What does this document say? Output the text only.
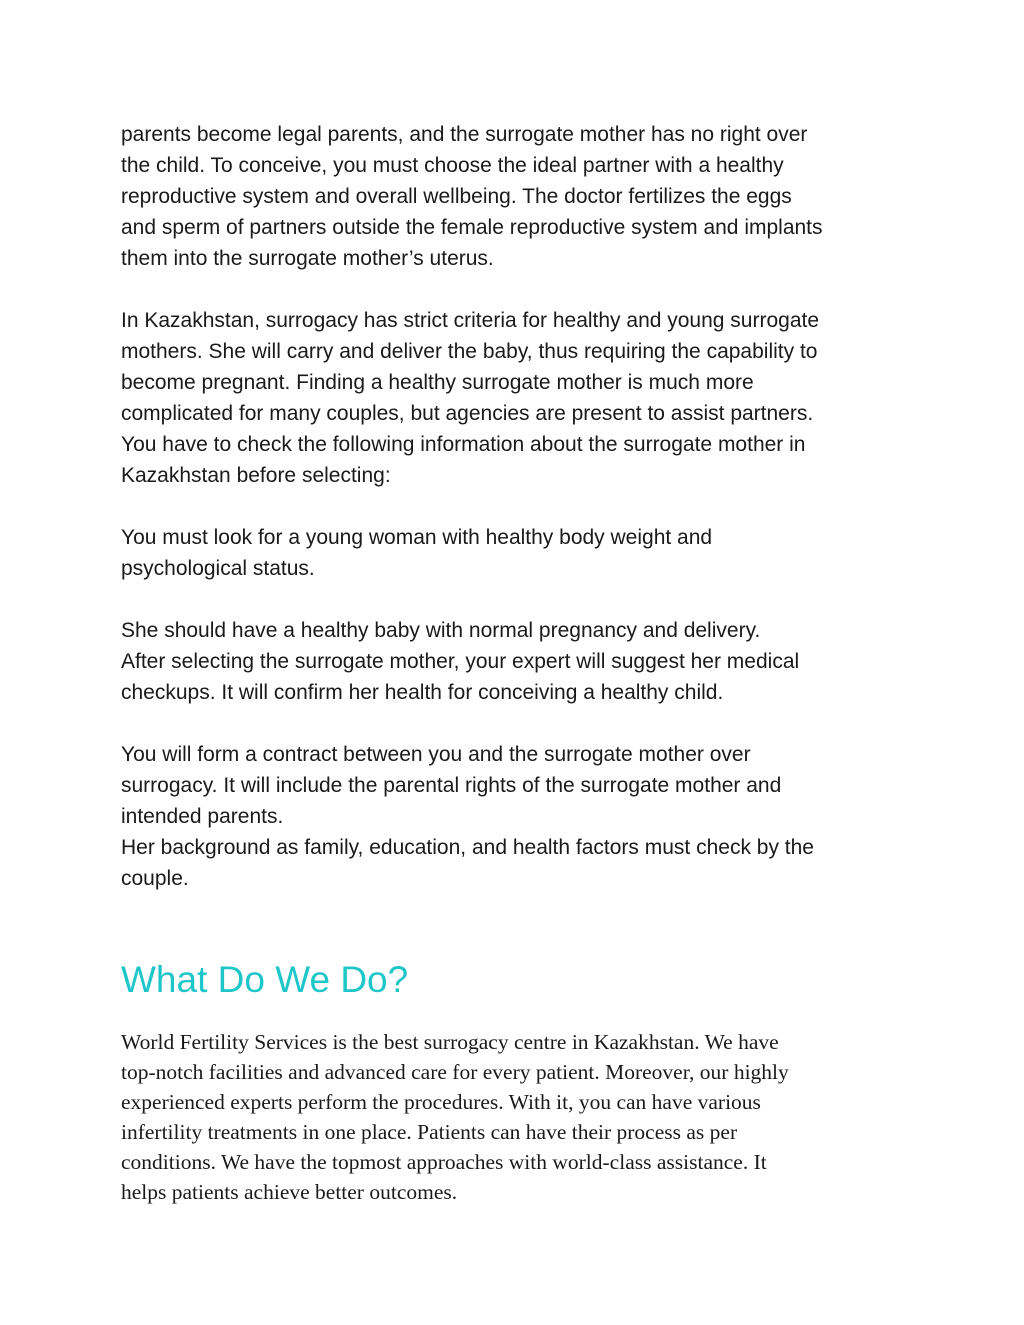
parents become legal parents, and the surrogate mother has no right over
the child. To conceive, you must choose the ideal partner with a healthy
reproductive system and overall wellbeing. The doctor fertilizes the eggs
and sperm of partners outside the female reproductive system and implants
them into the surrogate mother’s uterus.

In Kazakhstan, surrogacy has strict criteria for healthy and young surrogate
mothers. She will carry and deliver the baby, thus requiring the capability to
become pregnant. Finding a healthy surrogate mother is much more
complicated for many couples, but agencies are present to assist partners.
You have to check the following information about the surrogate mother in
Kazakhstan before selecting:

You must look for a young woman with healthy body weight and
psychological status.

She should have a healthy baby with normal pregnancy and delivery.
After selecting the surrogate mother, your expert will suggest her medical
checkups. It will confirm her health for conceiving a healthy child.

You will form a contract between you and the surrogate mother over
surrogacy. It will include the parental rights of the surrogate mother and
intended parents.
Her background as family, education, and health factors must check by the
couple.

What Do We Do?

World Fertility Services is the best surrogacy centre in Kazakhstan. We have
top-notch facilities and advanced care for every patient. Moreover, our highly
experienced experts perform the procedures. With it, you can have various
infertility treatments in one place. Patients can have their process as per
conditions. We have the topmost approaches with world-class assistance. It
helps patients achieve better outcomes.
